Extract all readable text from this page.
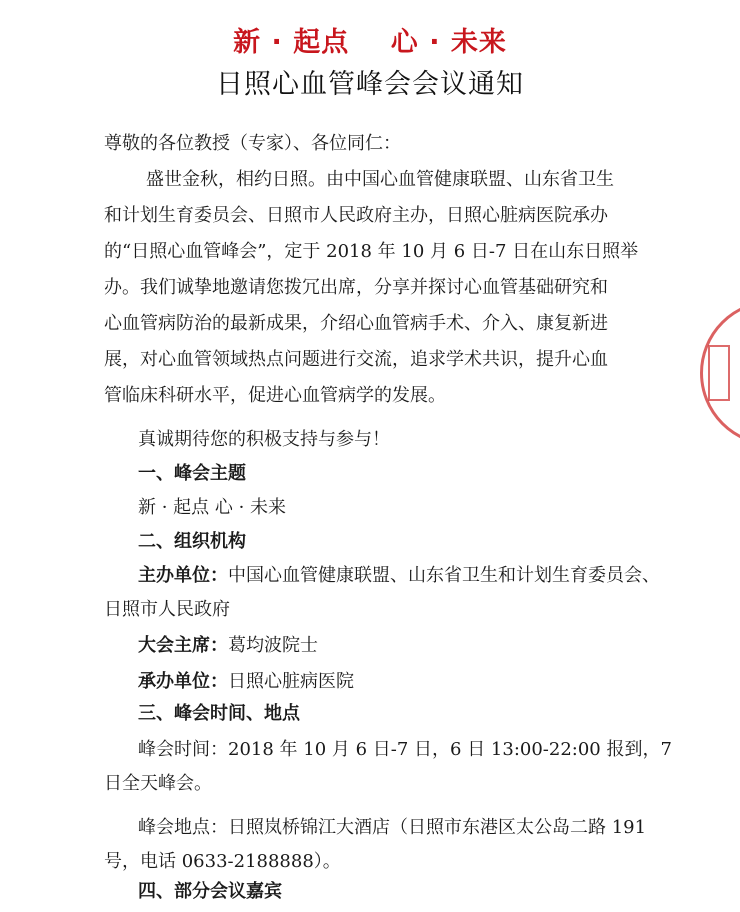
新 · 起点    心 · 未来
日照心血管峰会会议通知
尊敬的各位教授（专家）、各位同仁：
盛世金秋，相约日照。由中国心血管健康联盟、山东省卫生
和计划生育委员会、日照市人民政府主办，日照心脏病医院承办
的“日照心血管峰会”，定于 2018 年 10 月 6 日-7 日在山东日照举
办。我们诚挚地邀请您拨冗出席，分享并探讨心血管基础研究和
心血管病防治的最新成果，介绍心血管病手术、介入、康复新进
展，对心血管领域热点问题进行交流，追求学术共识，提升心血
管临床科研水平，促进心血管病学的发展。
真诚期待您的积极支持与参与！
一、峰会主题
新 · 起点 心 · 未来
二、组织机构
主办单位：中国心血管健康联盟、山东省卫生和计划生育委员会、
日照市人民政府
大会主席：葛均波院士
承办单位：日照心脏病医院
三、峰会时间、地点
峰会时间：2018 年 10 月 6 日-7 日，6 日 13:00-22:00 报到，7
日全天峰会。
峰会地点：日照岚桥锦江大酒店（日照市东港区太公岛二路 191
号，电话 0633-2188888）。
四、部分会议嘉宾
